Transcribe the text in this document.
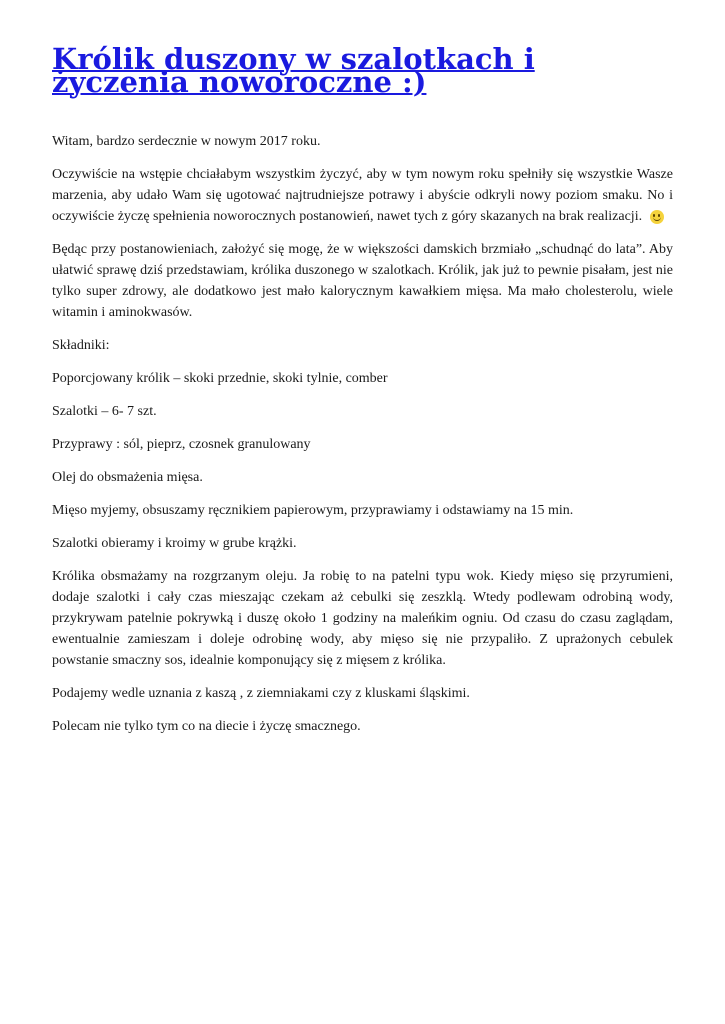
Królik duszony w szalotkach i życzenia noworoczne :)

Witam, bardzo serdecznie w nowym 2017 roku.

Oczywiście na wstępie chciałabym wszystkim życzyć, aby w tym nowym roku spełniły się wszystkie Wasze marzenia, aby udało Wam się ugotować najtrudniejsze potrawy i abyście odkryli nowy poziom smaku. No i oczywiście życzę spełnienia noworocznych postanowień, nawet tych z góry skazanych na brak realizacji.

Będąc przy postanowieniach, założyć się mogę, że w większości damskich brzmiało „schudnąć do lata”. Aby ułatwić sprawę dziś przedstawiam, królika duszonego w szalotkach. Królik, jak już to pewnie pisałam, jest nie tylko super zdrowy, ale dodatkowo jest mało kalorycznym kawałkiem mięsa. Ma mało cholesterolu, wiele witamin i aminokwasów.

Składniki:

Poporcjowany królik – skoki przednie, skoki tylnie, comber

Szalotki – 6- 7 szt.

Przyprawy : sól, pieprz, czosnek granulowany

Olej do obsmażenia mięsa.

Mięso myjemy, obsuszamy ręcznikiem papierowym, przyprawiamy i odstawiamy na 15 min.

Szalotki obieramy i kroimy w grube krążki.

Królika obsmażamy na rozgrzanym oleju. Ja robię to na patelni typu wok. Kiedy mięso się przyrumieni, dodaje szalotki i cały czas mieszając czekam aż cebulki się zeszklą. Wtedy podlewam odrobiną wody, przykrywam patelnie pokrywką i duszę około 1 godziny na maleńkim ogniu. Od czasu do czasu zaglądam, ewentualnie zamieszam i doleje odrobinę wody, aby mięso się nie przypaliło. Z uprażonych cebulek powstanie smaczny sos, idealnie komponujący się z mięsem z królika.

Podajemy wedle uznania z kaszą , z ziemniakami czy z kluskami śląskimi.

Polecam nie tylko tym co na diecie i życzę smacznego.
